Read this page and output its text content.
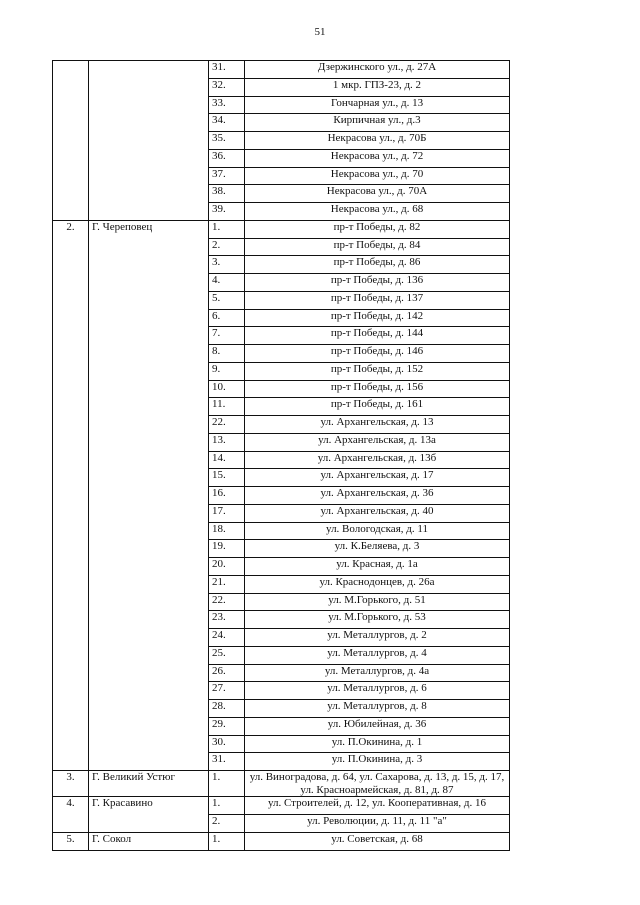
51
		31.	Дзержинского ул., д. 27А
		32.	1 мкр. ГПЗ-23, д. 2
		33.	Гончарная ул., д. 13
		34.	Кирпичная ул., д.3
		35.	Некрасова ул., д. 70Б
		36.	Некрасова ул., д. 72
		37.	Некрасова ул., д. 70
		38.	Некрасова ул., д. 70А
		39.	Некрасова ул., д. 68
2.	Г. Череповец	1.	пр-т Победы, д. 82
		2.	пр-т Победы, д. 84
		3.	пр-т Победы, д. 86
		4.	пр-т Победы, д. 136
		5.	пр-т Победы, д. 137
		6.	пр-т Победы, д. 142
		7.	пр-т Победы, д. 144
		8.	пр-т Победы, д. 146
		9.	пр-т Победы, д. 152
		10.	пр-т Победы, д. 156
		11.	пр-т Победы, д. 161
		22.	ул. Архангельская, д. 13
		13.	ул. Архангельская, д. 13а
		14.	ул. Архангельская, д. 13б
		15.	ул. Архангельская, д. 17
		16.	ул. Архангельская, д. 36
		17.	ул. Архангельская, д. 40
		18.	ул. Вологодская, д. 11
		19.	ул. К.Беляева, д. 3
		20.	ул. Красная, д. 1а
		21.	ул. Краснодонцев, д. 26а
		22.	ул. М.Горького, д. 51
		23.	ул. М.Горького, д. 53
		24.	ул. Металлургов, д. 2
		25.	ул. Металлургов, д. 4
		26.	ул. Металлургов, д. 4а
		27.	ул. Металлургов, д. 6
		28.	ул. Металлургов, д. 8
		29.	ул. Юбилейная, д. 36
		30.	ул. П.Окинина, д. 1
		31.	ул. П.Окинина, д. 3
3.	Г. Великий Устюг	1.	ул. Виноградова, д. 64, ул. Сахарова, д. 13, д. 15, д. 17, ул. Красноармейская, д. 81, д. 87
4.	Г. Красавино	1.	ул. Строителей, д. 12, ул. Кооперативная, д. 16
		2.	ул. Революции, д. 11, д. 11 "а"
5.	Г. Сокол	1.	ул. Советская, д. 68
